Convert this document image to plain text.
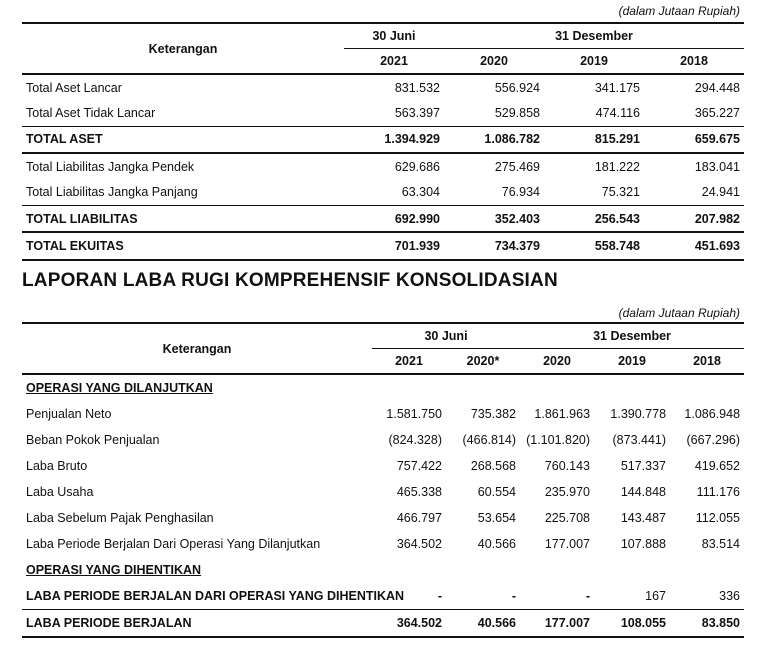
(dalam Jutaan Rupiah)
Keterangan	30 Juni	31 Desember		
	2021	2020	2019	2018
Total Aset Lancar	831.532	556.924	341.175	294.448
Total Aset Tidak Lancar	563.397	529.858	474.116	365.227
TOTAL ASET	1.394.929	1.086.782	815.291	659.675
Total Liabilitas Jangka Pendek	629.686	275.469	181.222	183.041
Total Liabilitas Jangka Panjang	63.304	76.934	75.321	24.941
TOTAL LIABILITAS	692.990	352.403	256.543	207.982
TOTAL EKUITAS	701.939	734.379	558.748	451.693
LAPORAN LABA RUGI KOMPREHENSIF KONSOLIDASIAN
(dalam Jutaan Rupiah)
Keterangan	30 Juni		31 Desember		
	2021	2020*	2020	2019	2018
OPERASI YANG DILANJUTKAN					
Penjualan Neto	1.581.750	735.382	1.861.963	1.390.778	1.086.948
Beban Pokok Penjualan	(824.328)	(466.814)	(1.101.820)	(873.441)	(667.296)
Laba Bruto	757.422	268.568	760.143	517.337	419.652
Laba Usaha	465.338	60.554	235.970	144.848	111.176
Laba Sebelum Pajak Penghasilan	466.797	53.654	225.708	143.487	112.055
Laba Periode Berjalan Dari Operasi Yang Dilanjutkan	364.502	40.566	177.007	107.888	83.514
OPERASI YANG DIHENTIKAN					
LABA PERIODE BERJALAN DARI OPERASI YANG DIHENTIKAN	-	-	-	167	336
LABA PERIODE BERJALAN	364.502	40.566	177.007	108.055	83.850
